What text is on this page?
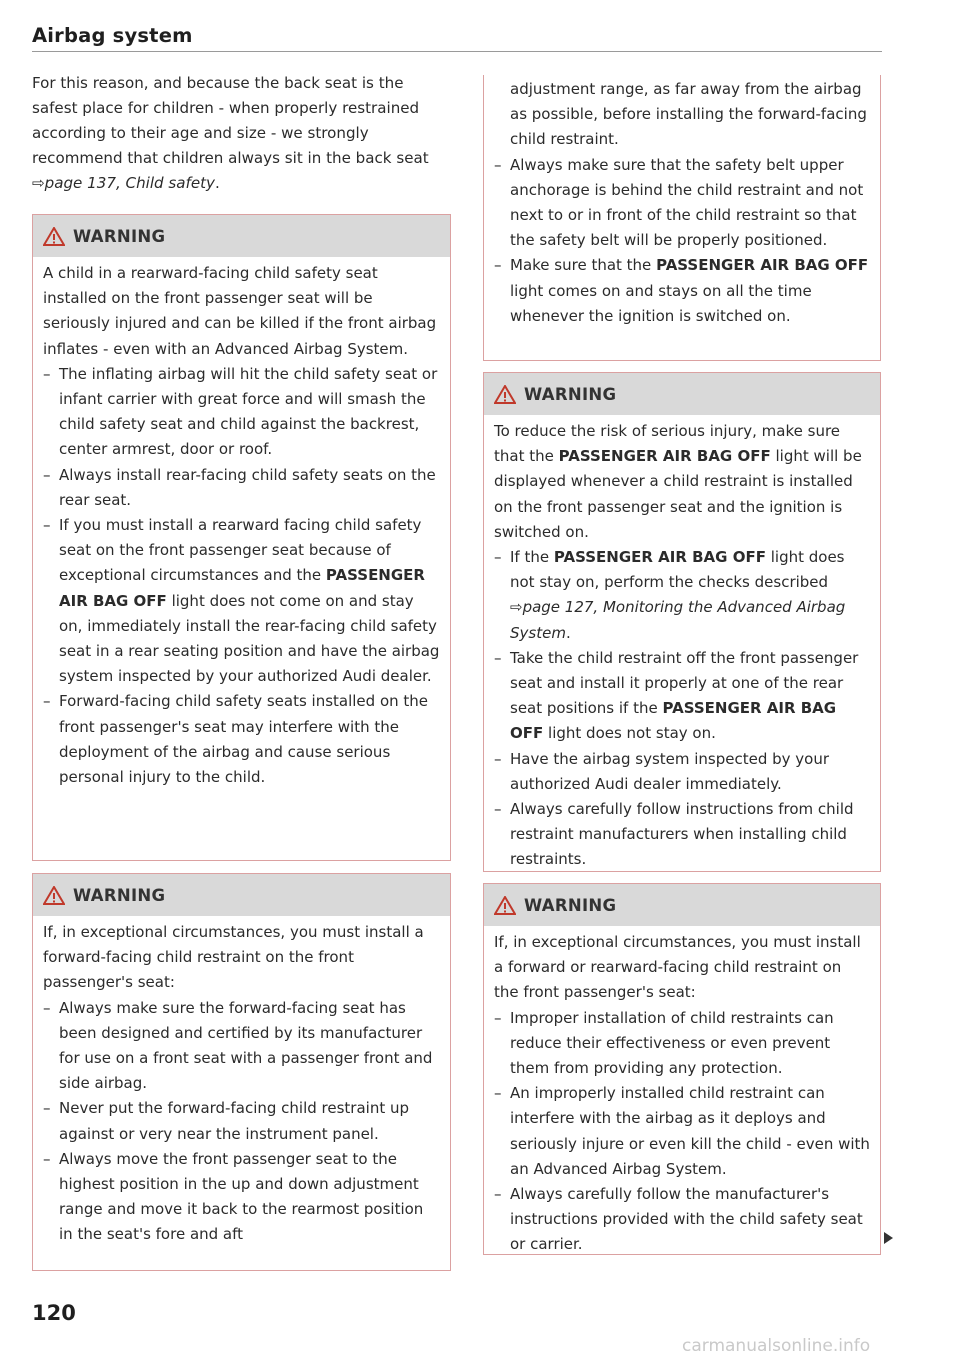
Airbag system

For this reason, and because the back seat is the safest place for children - when properly restrained according to their age and size - we strongly recommend that children always sit in the back seat ⇨page 137, Child safety.

WARNING

A child in a rearward-facing child safety seat installed on the front passenger seat will be seriously injured and can be killed if the front airbag inflates - even with an Advanced Airbag System.

– The inflating airbag will hit the child safety seat or infant carrier with great force and will smash the child safety seat and child against the backrest, center armrest, door or roof.
– Always install rear-facing child safety seats on the rear seat.
– If you must install a rearward facing child safety seat on the front passenger seat because of exceptional circumstances and the PASSENGER AIR BAG OFF light does not come on and stay on, immediately install the rear-facing child safety seat in a rear seating position and have the airbag system inspected by your authorized Audi dealer.
– Forward-facing child safety seats installed on the front passenger's seat may interfere with the deployment of the airbag and cause serious personal injury to the child.
WARNING

If, in exceptional circumstances, you must install a forward-facing child restraint on the front passenger's seat:

– Always make sure the forward-facing seat has been designed and certified by its manufacturer for use on a front seat with a passenger front and side airbag.
– Never put the forward-facing child restraint up against or very near the instrument panel.
– Always move the front passenger seat to the highest position in the up and down adjustment range and move it back to the rearmost position in the seat's fore and aft
adjustment range, as far away from the airbag as possible, before installing the forward-facing child restraint.
– Always make sure that the safety belt upper anchorage is behind the child restraint and not next to or in front of the child restraint so that the safety belt will be properly positioned.
– Make sure that the PASSENGER AIR BAG OFF light comes on and stays on all the time whenever the ignition is switched on.
WARNING

To reduce the risk of serious injury, make sure that the PASSENGER AIR BAG OFF light will be displayed whenever a child restraint is installed on the front passenger seat and the ignition is switched on.

– If the PASSENGER AIR BAG OFF light does not stay on, perform the checks described ⇨page 127, Monitoring the Advanced Airbag System.
– Take the child restraint off the front passenger seat and install it properly at one of the rear seat positions if the PASSENGER AIR BAG OFF light does not stay on.
– Have the airbag system inspected by your authorized Audi dealer immediately.
– Always carefully follow instructions from child restraint manufacturers when installing child restraints.
WARNING

If, in exceptional circumstances, you must install a forward or rearward-facing child restraint on the front passenger's seat:

– Improper installation of child restraints can reduce their effectiveness or even prevent them from providing any protection.
– An improperly installed child restraint can interfere with the airbag as it deploys and seriously injure or even kill the child - even with an Advanced Airbag System.
– Always carefully follow the manufacturer's instructions provided with the child safety seat or carrier.
120
carmanualsonline.info
